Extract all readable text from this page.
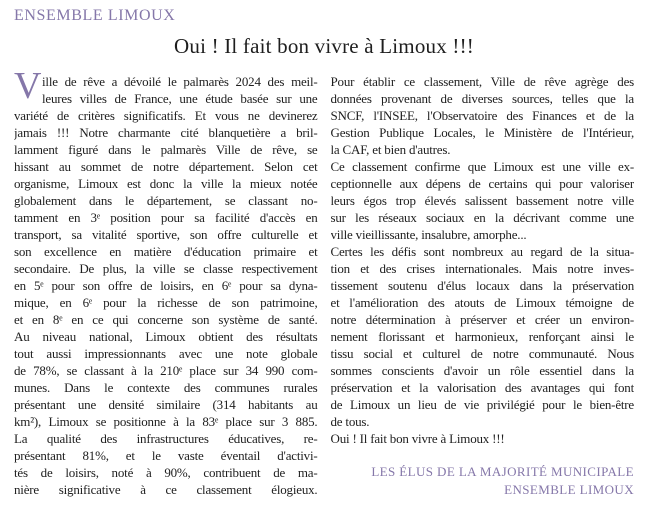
ENSEMBLE LIMOUX
Oui ! Il fait bon vivre à Limoux !!!
V ille de rêve a dévoilé le palmarès 2024 des meil-
leures villes de France, une étude basée sur une
variété de critères significatifs. Et vous ne devinerez
jamais !!! Notre charmante cité blanquetière a bril-
lamment figuré dans le palmarès Ville de rêve, se
hissant au sommet de notre département. Selon cet
organisme, Limoux est donc la ville la mieux notée
globalement dans le département, se classant no-
tamment en 3ᵉ position pour sa facilité d'accès en
transport, sa vitalité sportive, son offre culturelle et
son excellence en matière d'éducation primaire et
secondaire. De plus, la ville se classe respectivement
en 5ᵉ pour son offre de loisirs, en 6ᵉ pour sa dyna-
mique, en 6ᵉ pour la richesse de son patrimoine,
et en 8ᵉ en ce qui concerne son système de santé.
Au niveau national, Limoux obtient des résultats
tout aussi impressionnants avec une note globale
de 78%, se classant à la 210ᵉ place sur 34 990 com-
munes. Dans le contexte des communes rurales
présentant une densité similaire (314 habitants au
km²), Limoux se positionne à la 83ᵉ place sur 3 885.
La qualité des infrastructures éducatives, re-
présentant 81%, et le vaste éventail d'activi-
tés de loisirs, noté à 90%, contribuent de ma-
nière significative à ce classement élogieux.
Pour établir ce classement, Ville de rêve agrège des
données provenant de diverses sources, telles que la
SNCF, l'INSEE, l'Observatoire des Finances et de la
Gestion Publique Locales, le Ministère de l'Intérieur,
la CAF, et bien d'autres.
Ce classement confirme que Limoux est une ville ex-
ceptionnelle aux dépens de certains qui pour valoriser
leurs égos trop élevés salissent bassement notre ville
sur les réseaux sociaux en la décrivant comme une
ville vieillissante, insalubre, amorphe...
Certes les défis sont nombreux au regard de la situa-
tion et des crises internationales. Mais notre inves-
tissement soutenu d'élus locaux dans la préservation
et l'amélioration des atouts de Limoux témoigne de
notre détermination à préserver et créer un environ-
nement florissant et harmonieux, renforçant ainsi le
tissu social et culturel de notre communauté. Nous
sommes conscients d'avoir un rôle essentiel dans la
préservation et la valorisation des avantages qui font
de Limoux un lieu de vie privilégié pour le bien-être
de tous.
Oui ! Il fait bon vivre à Limoux !!!
LES ÉLUS DE LA MAJORITÉ MUNICIPALE
ENSEMBLE LIMOUX
